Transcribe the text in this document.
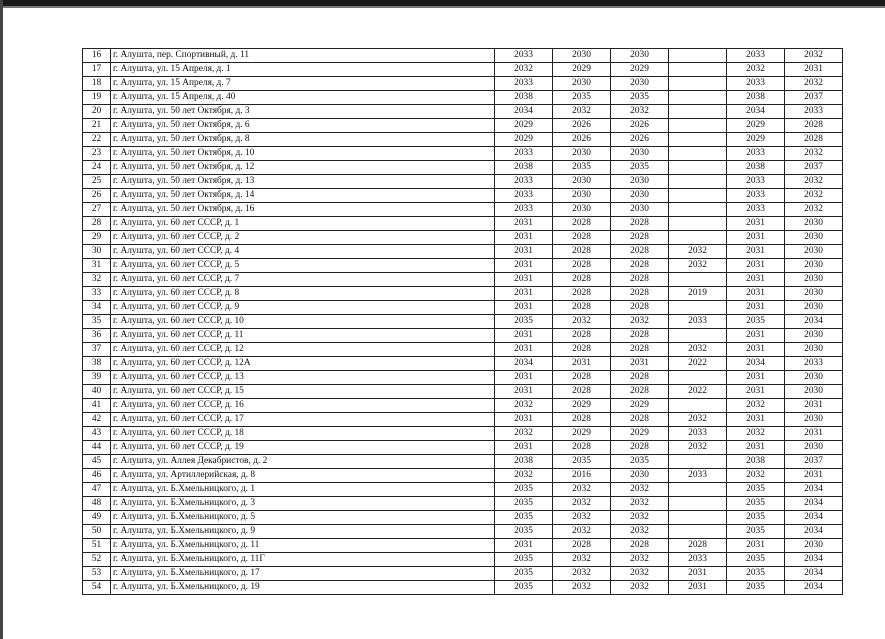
16	г. Алушта, пер. Спортивный, д. 11	2033	2030	2030		2033	2032
17	г. Алушта, ул. 15 Апреля, д. 1	2032	2029	2029		2032	2031
18	г. Алушта, ул. 15 Апреля, д. 7	2033	2030	2030		2033	2032
19	г. Алушта, ул. 15 Апреля, д. 40	2038	2035	2035		2038	2037
20	г. Алушта, ул. 50 лет Октября, д. 3	2034	2032	2032		2034	2033
21	г. Алушта, ул. 50 лет Октября, д. 6	2029	2026	2026		2029	2028
22	г. Алушта, ул. 50 лет Октября, д. 8	2029	2026	2026		2029	2028
23	г. Алушта, ул. 50 лет Октября, д. 10	2033	2030	2030		2033	2032
24	г. Алушта, ул. 50 лет Октября, д. 12	2038	2035	2035		2038	2037
25	г. Алушта, ул. 50 лет Октября, д. 13	2033	2030	2030		2033	2032
26	г. Алушта, ул. 50 лет Октября, д. 14	2033	2030	2030		2033	2032
27	г. Алушта, ул. 50 лет Октября, д. 16	2033	2030	2030		2033	2032
28	г. Алушта, ул. 60 лет СССР, д. 1	2031	2028	2028		2031	2030
29	г. Алушта, ул. 60 лет СССР, д. 2	2031	2028	2028		2031	2030
30	г. Алушта, ул. 60 лет СССР, д. 4	2031	2028	2028	2032	2031	2030
31	г. Алушта, ул. 60 лет СССР, д. 5	2031	2028	2028	2032	2031	2030
32	г. Алушта, ул. 60 лет СССР, д. 7	2031	2028	2028		2031	2030
33	г. Алушта, ул. 60 лет СССР, д. 8	2031	2028	2028	2019	2031	2030
34	г. Алушта, ул. 60 лет СССР, д. 9	2031	2028	2028		2031	2030
35	г. Алушта, ул. 60 лет СССР, д. 10	2035	2032	2032	2033	2035	2034
36	г. Алушта, ул. 60 лет СССР, д. 11	2031	2028	2028		2031	2030
37	г. Алушта, ул. 60 лет СССР, д. 12	2031	2028	2028	2032	2031	2030
38	г. Алушта, ул. 60 лет СССР, д. 12А	2034	2031	2031	2022	2034	2033
39	г. Алушта, ул. 60 лет СССР, д. 13	2031	2028	2028		2031	2030
40	г. Алушта, ул. 60 лет СССР, д. 15	2031	2028	2028	2022	2031	2030
41	г. Алушта, ул. 60 лет СССР, д. 16	2032	2029	2029		2032	2031
42	г. Алушта, ул. 60 лет СССР, д. 17	2031	2028	2028	2032	2031	2030
43	г. Алушта, ул. 60 лет СССР, д. 18	2032	2029	2029	2033	2032	2031
44	г. Алушта, ул. 60 лет СССР, д. 19	2031	2028	2028	2032	2031	2030
45	г. Алушта, ул. Аллея Декабристов, д. 2	2038	2035	2035		2038	2037
46	г. Алушта, ул. Артиллерийская, д. 8	2032	2016	2030	2033	2032	2031
47	г. Алушта, ул. Б.Хмельницкого, д. 1	2035	2032	2032		2035	2034
48	г. Алушта, ул. Б.Хмельницкого, д. 3	2035	2032	2032		2035	2034
49	г. Алушта, ул. Б.Хмельницкого, д. 5	2035	2032	2032		2035	2034
50	г. Алушта, ул. Б.Хмельницкого, д. 9	2035	2032	2032		2035	2034
51	г. Алушта, ул. Б.Хмельницкого, д. 11	2031	2028	2028	2028	2031	2030
52	г. Алушта, ул. Б.Хмельницкого, д. 11Г	2035	2032	2032	2033	2035	2034
53	г. Алушта, ул. Б.Хмельницкого, д. 17	2035	2032	2032	2031	2035	2034
54	г. Алушта, ул. Б.Хмельницкого, д. 19	2035	2032	2032	2031	2035	2034
